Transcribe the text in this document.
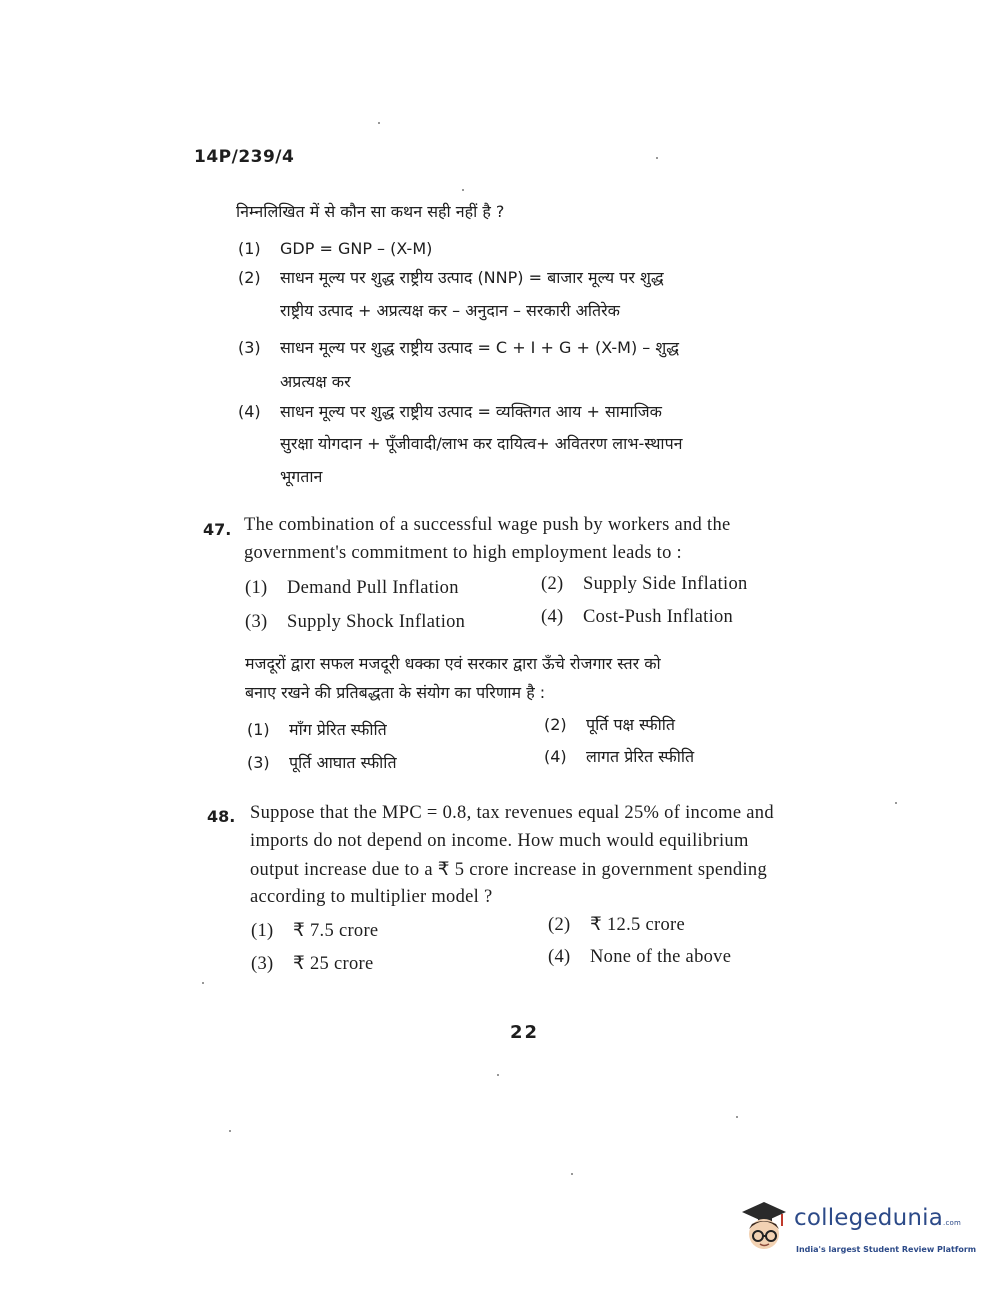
14P/239/4
निम्नलिखित में से कौन सा कथन सही नहीं है ?
(1) GDP = GNP – (X-M)
(2) साधन मूल्य पर शुद्ध राष्ट्रीय उत्पाद (NNP) = बाजार मूल्य पर शुद्ध
राष्ट्रीय उत्पाद + अप्रत्यक्ष कर – अनुदान – सरकारी अतिरेक
(3) साधन मूल्य पर शुद्ध राष्ट्रीय उत्पाद = C + I + G + (X-M) – शुद्ध
अप्रत्यक्ष कर
(4) साधन मूल्य पर शुद्ध राष्ट्रीय उत्पाद = व्यक्तिगत आय + सामाजिक
सुरक्षा योगदान + पूँजीवादी/लाभ कर दायित्व+ अवितरण लाभ-स्थापन
भूगतान
47. The combination of a successful wage push by workers and the
government's commitment to high employment leads to :
(1) Demand Pull Inflation	(2) Supply Side Inflation
(3) Supply Shock Inflation	(4) Cost-Push Inflation
मजदूरों द्वारा सफल मजदूरी धक्का एवं सरकार द्वारा ऊँचे रोजगार स्तर को
बनाए रखने की प्रतिबद्धता के संयोग का परिणाम है :
(1) माँग प्रेरित स्फीति	(2) पूर्ति पक्ष स्फीति
(3) पूर्ति आघात स्फीति	(4) लागत प्रेरित स्फीति
48. Suppose that the MPC = 0.8, tax revenues equal 25% of income and
imports do not depend on income. How much would equilibrium
output increase due to a ₹ 5 crore increase in government spending
according to multiplier model ?
(1) ₹ 7.5 crore	(2) ₹ 12.5 crore
(3) ₹ 25 crore	(4) None of the above
22
collegedunia.com
India's largest Student Review Platform
